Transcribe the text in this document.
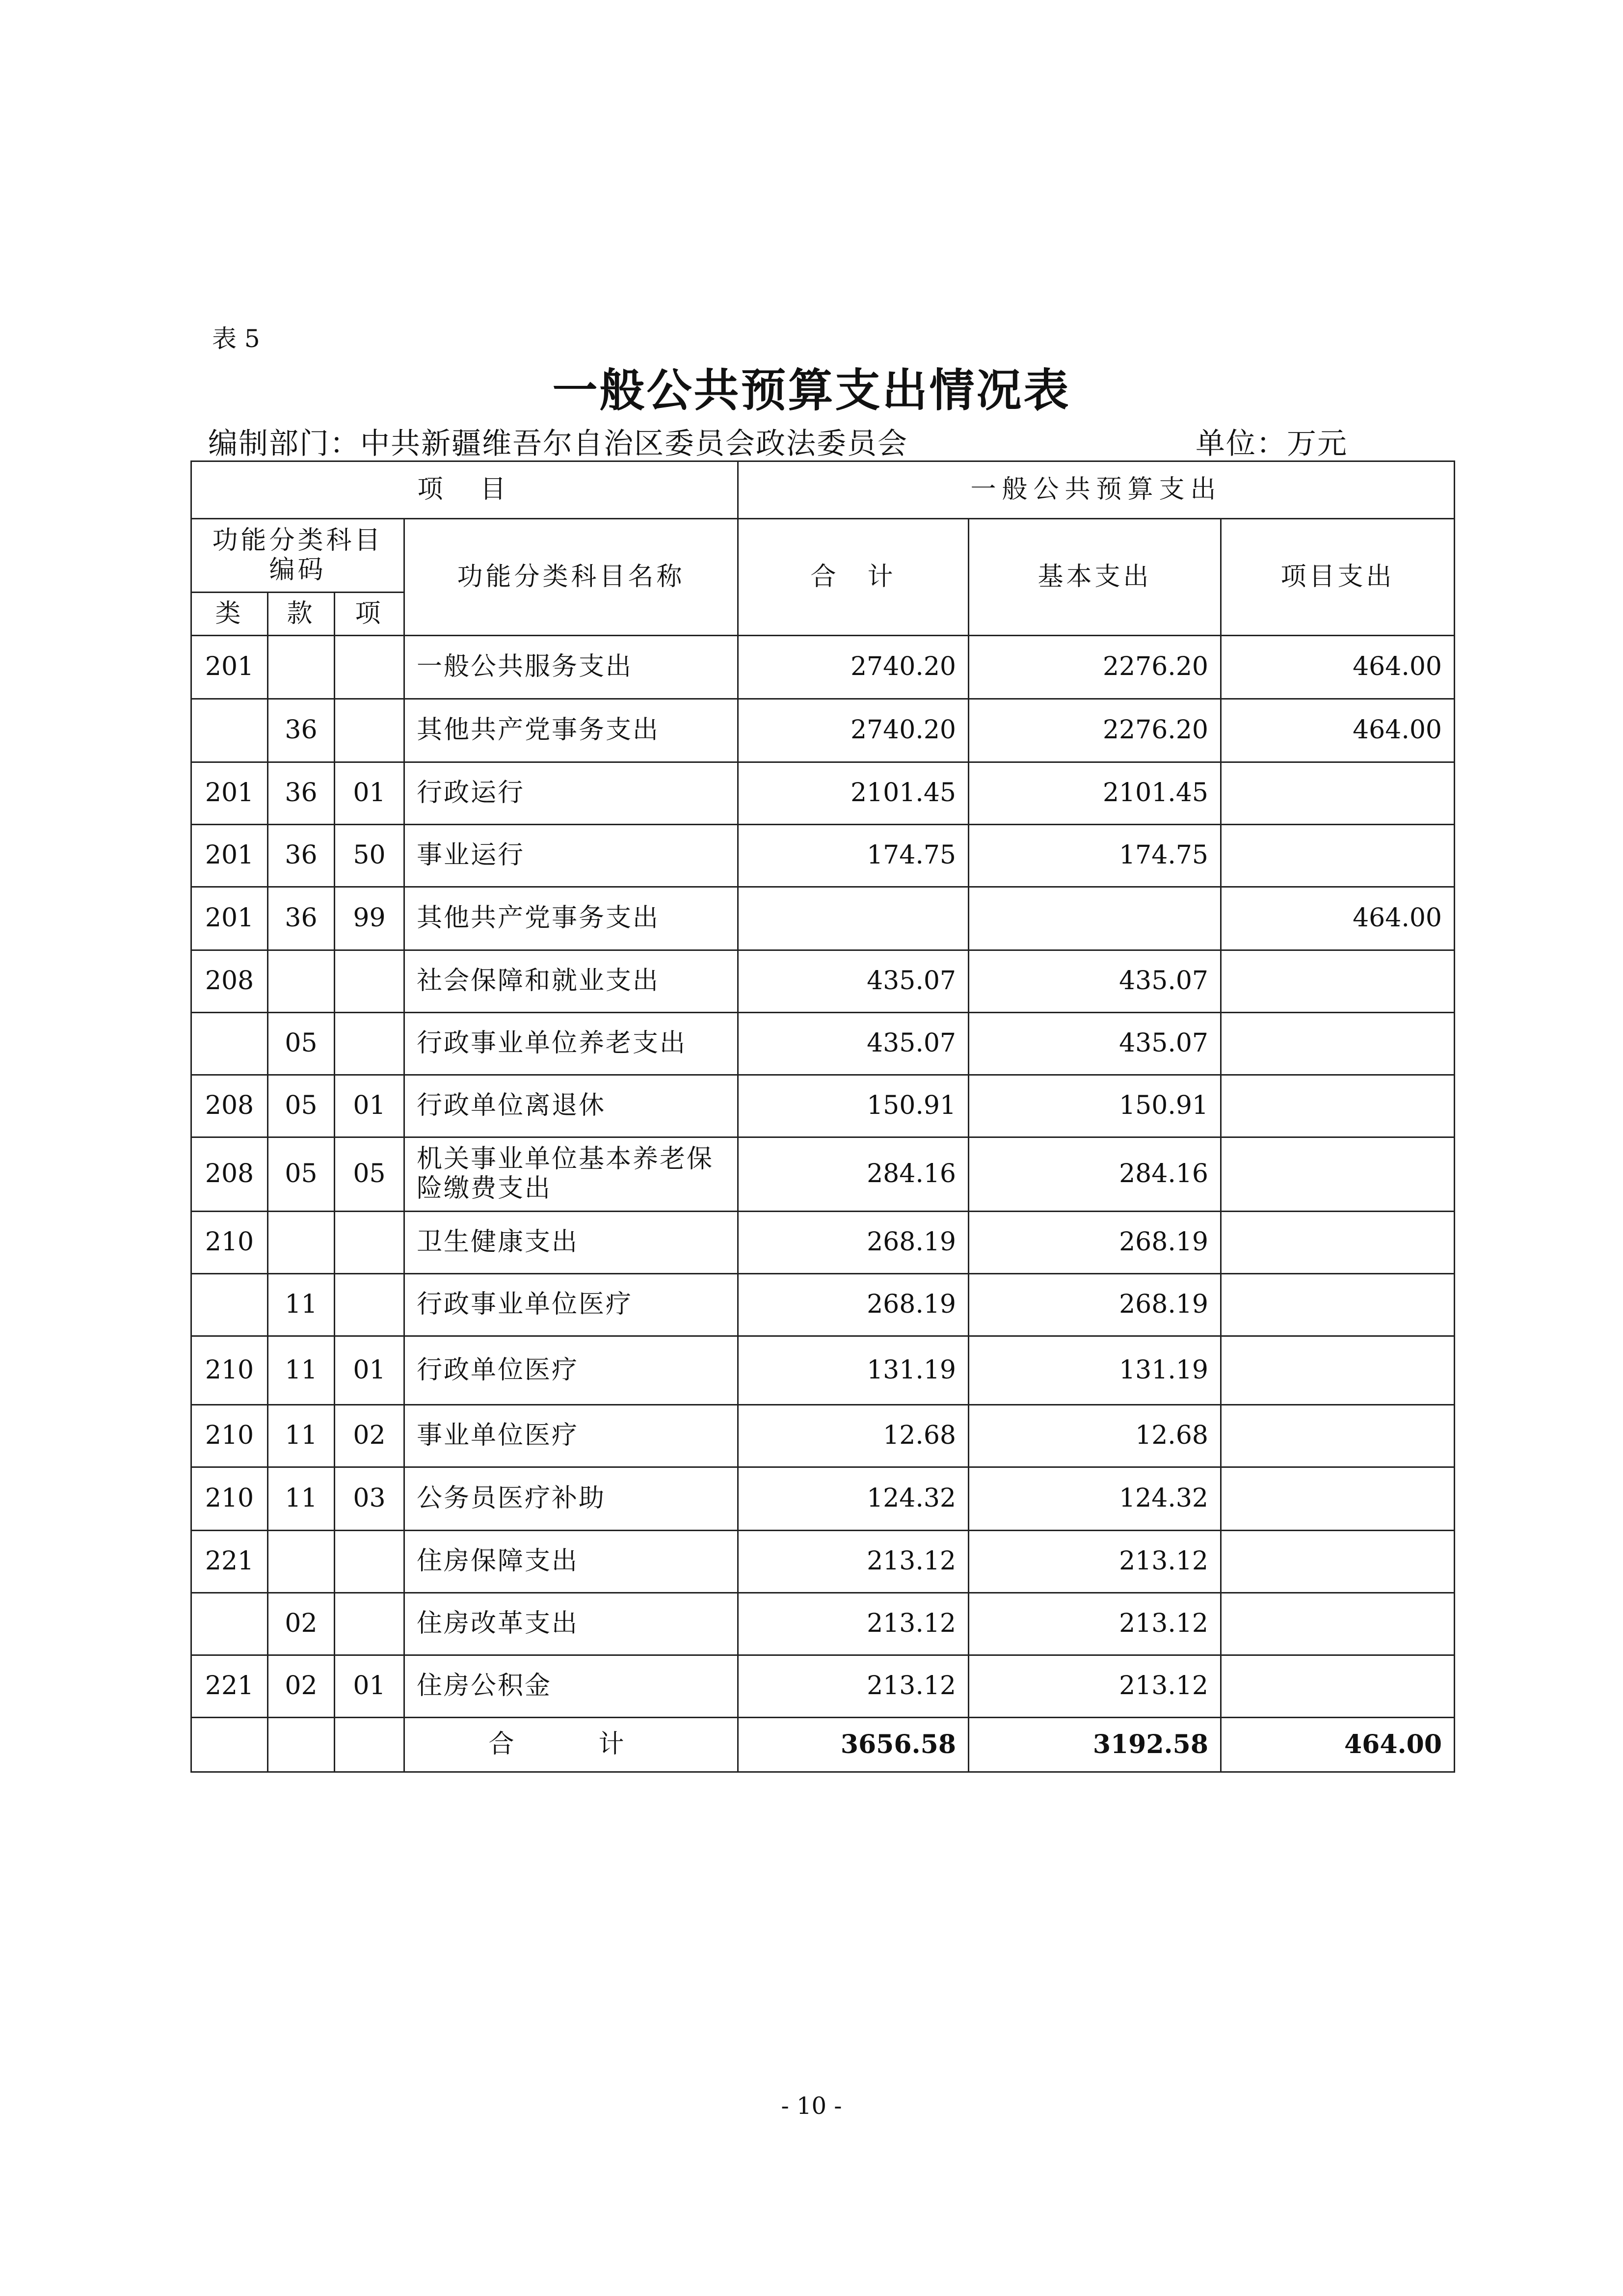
表 5
一般公共预算支出情况表
编制部门：中共新疆维吾尔自治区委员会政法委员会	单位：万元
项　目				一般公共预算支出		
功能分类科目编码			功能分类科目名称	合　计	基本支出	项目支出
类	款	项				
201			一般公共服务支出	2740.20	2276.20	464.00
	36		其他共产党事务支出	2740.20	2276.20	464.00
201	36	01	行政运行	2101.45	2101.45	
201	36	50	事业运行	174.75	174.75	
201	36	99	其他共产党事务支出			464.00
208			社会保障和就业支出	435.07	435.07	
	05		行政事业单位养老支出	435.07	435.07	
208	05	01	行政单位离退休	150.91	150.91	
208	05	05	机关事业单位基本养老保险缴费支出	284.16	284.16	
210			卫生健康支出	268.19	268.19	
	11		行政事业单位医疗	268.19	268.19	
210	11	01	行政单位医疗	131.19	131.19	
210	11	02	事业单位医疗	12.68	12.68	
210	11	03	公务员医疗补助	124.32	124.32	
221			住房保障支出	213.12	213.12	
	02		住房改革支出	213.12	213.12	
221	02	01	住房公积金	213.12	213.12	
			合　计	3656.58	3192.58	464.00
- 10 -
